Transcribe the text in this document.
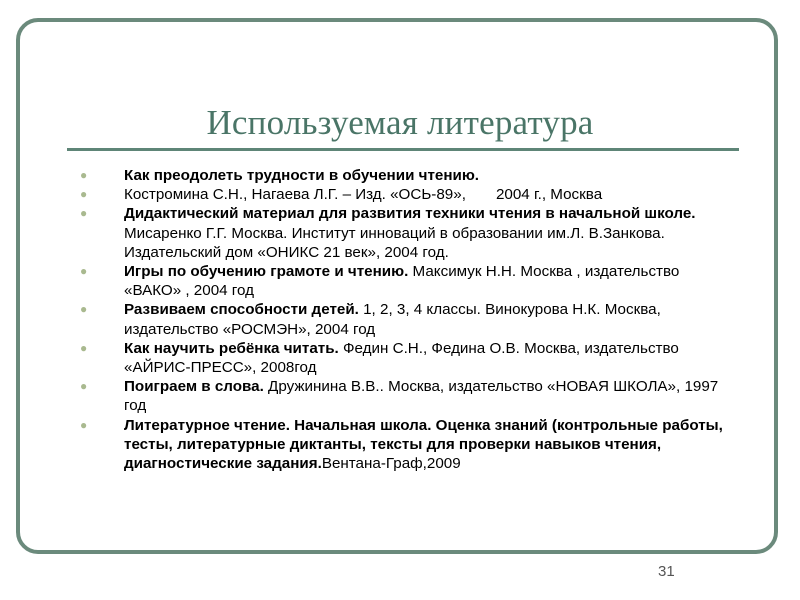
Используемая литература
● Как преодолеть трудности в обучении чтению.
● Костромина С.Н., Нагаева Л.Г. – Изд. «ОСЬ-89», 2004 г., Москва
● Дидактический материал для развития техники чтения в начальной школе. Мисаренко Г.Г. Москва. Институт инноваций в образовании им.Л. В.Занкова. Издательский дом «ОНИКС 21 век», 2004 год.
● Игры по обучению грамоте и чтению. Максимук Н.Н. Москва , издательство «ВАКО» , 2004 год
● Развиваем способности детей. 1, 2, 3, 4 классы. Винокурова Н.К. Москва, издательство «РОСМЭН», 2004 год
● Как научить ребёнка читать. Федин С.Н., Федина О.В. Москва, издательство «АЙРИС-ПРЕСС», 2008год
● Поиграем в слова. Дружинина В.В.. Москва, издательство «НОВАЯ ШКОЛА», 1997 год
● Литературное чтение. Начальная школа. Оценка знаний (контрольные работы, тесты, литературные диктанты, тексты для проверки навыков чтения, диагностические задания.Вентана-Граф,2009
31
